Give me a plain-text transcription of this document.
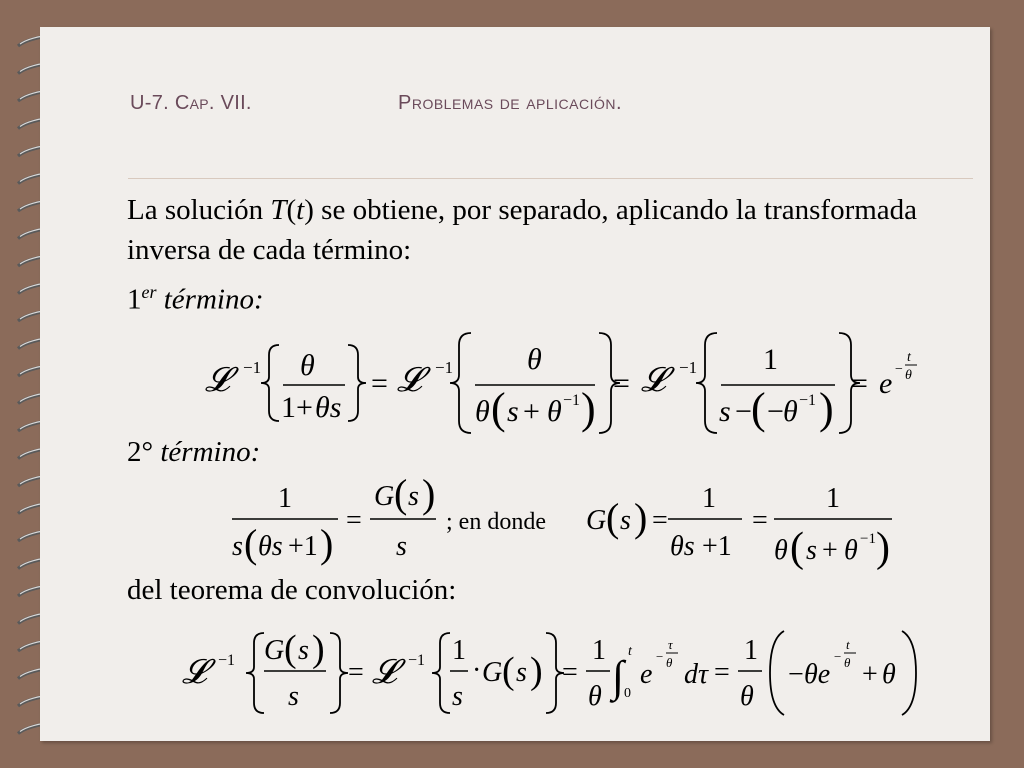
U-7. Cap. VII.	Problemas de aplicación.
La solución T(t) se obtiene, por separado, aplicando la transformada inversa de cada término:
1er término:
𝓛 −1 θ
1+ θs
= 𝓛 −1 θ
θ ( s + θ −1 )
= 𝓛 −1 1
s − ( − θ −1 )
= e −
t
θ
2° término:
1
s ( θs +1 )
=
G ( s )
s
; en donde G ( s ) =
1
θs +1
=
1
θ ( s + θ −1 )
del teorema de convolución:
𝓛 −1 G ( s )
s
= 𝓛 −1 1
s
· G ( s ) =
1
θ ∫
t
0
e
−
τ
θ dτ =
1
θ
− θe
−
t
θ + θ
